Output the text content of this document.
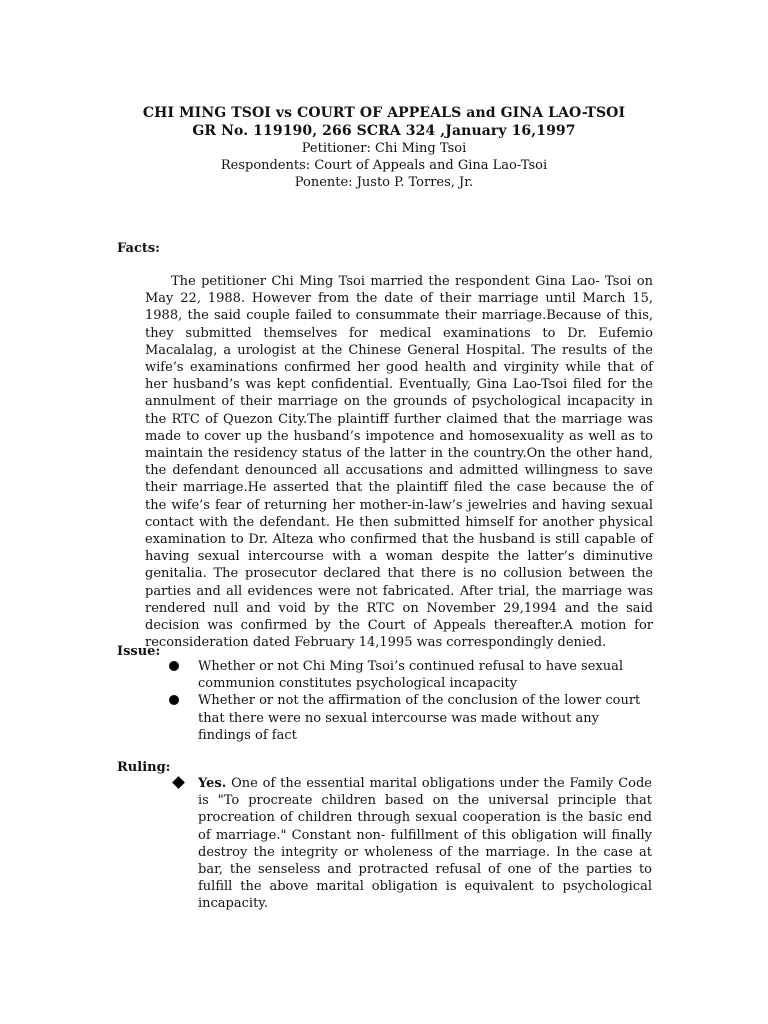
CHI MING TSOI vs COURT OF APPEALS and GINA LAO-TSOI
GR No. 119190, 266 SCRA 324 ,January 16,1997
Petitioner: Chi Ming Tsoi
Respondents: Court of Appeals and Gina Lao-Tsoi
Ponente: Justo P. Torres, Jr.
Facts:
The petitioner Chi Ming Tsoi married the respondent Gina Lao- Tsoi on May 22, 1988. However from the date of their marriage until March 15, 1988, the said couple failed to consummate their marriage.Because of this, they submitted themselves for medical examinations to Dr. Eufemio Macalalag, a urologist at the Chinese General Hospital. The results of the wife’s examinations confirmed her good health and virginity while that of her husband’s was kept confidential. Eventually, Gina Lao-Tsoi filed for the annulment of their marriage on the grounds of psychological incapacity in the RTC of Quezon City.The plaintiff further claimed that the marriage was made to cover up the husband’s impotence and homosexuality as well as to maintain the residency status of the latter in the country.On the other hand, the defendant denounced all accusations and admitted willingness to save their marriage.He asserted that the plaintiff filed the case because the of the wife’s fear of returning her mother-in-law’s jewelries and having sexual contact with the defendant. He then submitted himself for another physical examination to Dr. Alteza who confirmed that the husband is still capable of having sexual intercourse with a woman despite the latter’s diminutive genitalia. The prosecutor declared that there is no collusion between the parties and all evidences were not fabricated. After trial, the marriage was rendered null and void by the RTC on November 29,1994 and the said decision was confirmed by the Court of Appeals thereafter.A motion for reconsideration dated February 14,1995 was correspondingly denied.
Issue:
Whether or not Chi Ming Tsoi’s continued refusal to have sexual communion constitutes psychological incapacity
Whether or not the affirmation of the conclusion of the lower court that there were no sexual intercourse was made without any findings of fact
Ruling:
Yes. One of the essential marital obligations under the Family Code is "To procreate children based on the universal principle that procreation of children through sexual cooperation is the basic end of marriage." Constant non- fulfillment of this obligation will finally destroy the integrity or wholeness of the marriage. In the case at bar, the senseless and protracted refusal of one of the parties to fulfill the above marital obligation is equivalent to psychological incapacity.
